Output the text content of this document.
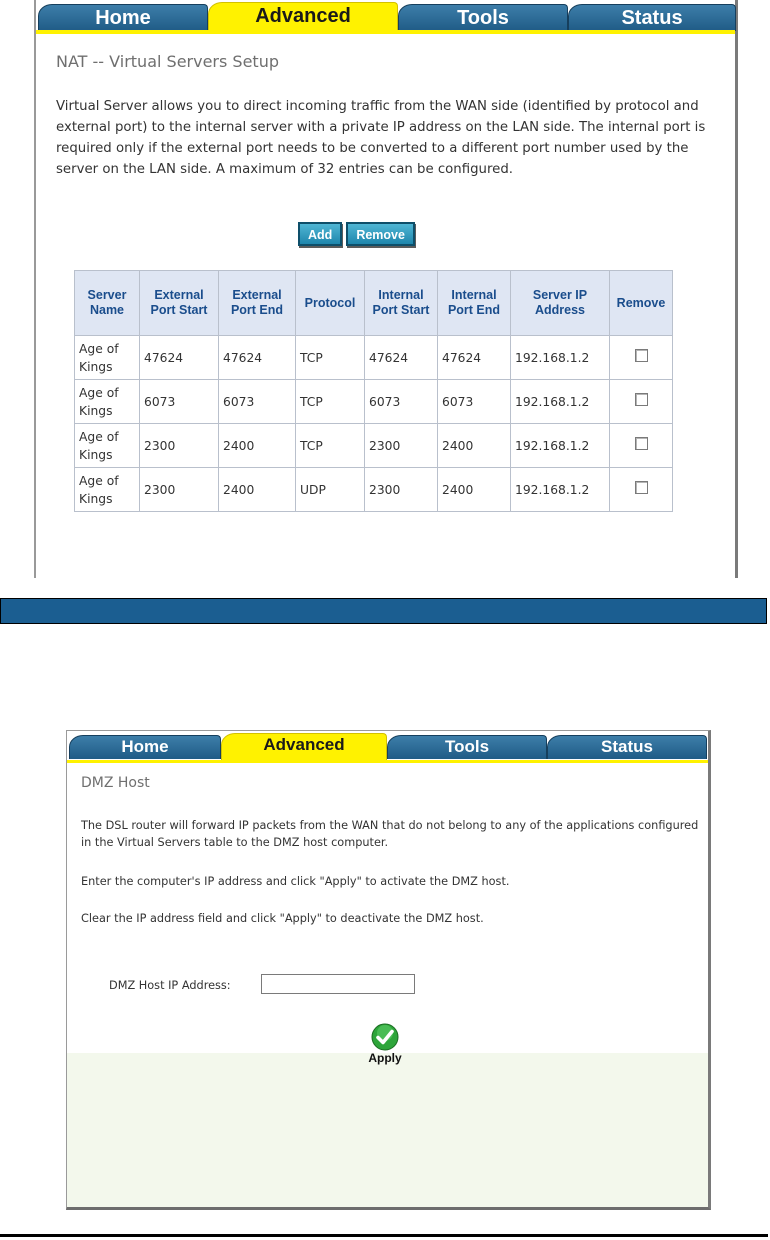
Home	Advanced	Tools	Status
NAT -- Virtual Servers Setup
Virtual Server allows you to direct incoming traffic from the WAN side (identified by protocol and external port) to the internal server with a private IP address on the LAN side. The internal port is required only if the external port needs to be converted to a different port number used by the server on the LAN side. A maximum of 32 entries can be configured.
Add Remove
Server Name	External Port Start	External Port End	Protocol	Internal Port Start	Internal Port End	Server IP Address	Remove
Age of Kings	47624	47624	TCP	47624	47624	192.168.1.2	
Age of Kings	6073	6073	TCP	6073	6073	192.168.1.2	
Age of Kings	2300	2400	TCP	2300	2400	192.168.1.2	
Age of Kings	2300	2400	UDP	2300	2400	192.168.1.2	
Home	Advanced	Tools	Status
DMZ Host
The DSL router will forward IP packets from the WAN that do not belong to any of the applications configured in the Virtual Servers table to the DMZ host computer.
Enter the computer's IP address and click "Apply" to activate the DMZ host.
Clear the IP address field and click "Apply" to deactivate the DMZ host.
DMZ Host IP Address:
Apply
